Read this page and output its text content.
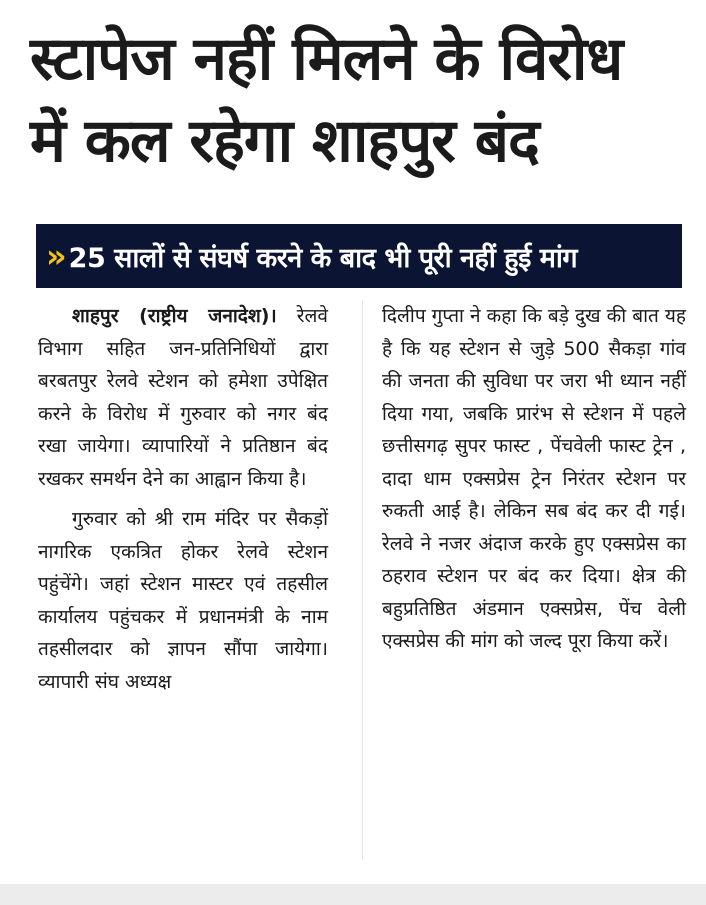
स्टापेज नहीं मिलने के विरोध
में कल रहेगा शाहपुर बंद
» 25 सालों से संघर्ष करने के बाद भी पूरी नहीं हुई मांग

शाहपुर (राष्ट्रीय जनादेश)। रेलवे विभाग सहित जन-प्रतिनिधियों द्वारा बरबतपुर रेलवे स्टेशन को हमेशा उपेक्षित करने के विरोध में गुरुवार को नगर बंद रखा जायेगा। व्यापारियों ने प्रतिष्ठान बंद रखकर समर्थन देने का आह्वान किया है।

गुरुवार को श्री राम मंदिर पर सैकड़ों नागरिक एकत्रित होकर रेलवे स्टेशन पहुंचेंगे। जहां स्टेशन मास्टर एवं तहसील कार्यालय पहुंचकर में प्रधानमंत्री के नाम तहसीलदार को ज्ञापन सौंपा जायेगा। व्यापारी संघ अध्यक्ष

दिलीप गुप्ता ने कहा कि बड़े दुख की बात यह है कि यह स्टेशन से जुड़े 500 सैकड़ा गांव की जनता की सुविधा पर जरा भी ध्यान नहीं दिया गया, जबकि प्रारंभ से स्टेशन में पहले छत्तीसगढ़ सुपर फास्ट , पेंचवेली फास्ट ट्रेन , दादा धाम एक्सप्रेस ट्रेन निरंतर स्टेशन पर रुकती आई है। लेकिन सब बंद कर दी गई। रेलवे ने नजर अंदाज करके हुए एक्सप्रेस का ठहराव स्टेशन पर बंद कर दिया। क्षेत्र की बहुप्रतिष्ठित अंडमान एक्सप्रेस, पेंच वेली एक्सप्रेस की मांग को जल्द पूरा किया करें।
